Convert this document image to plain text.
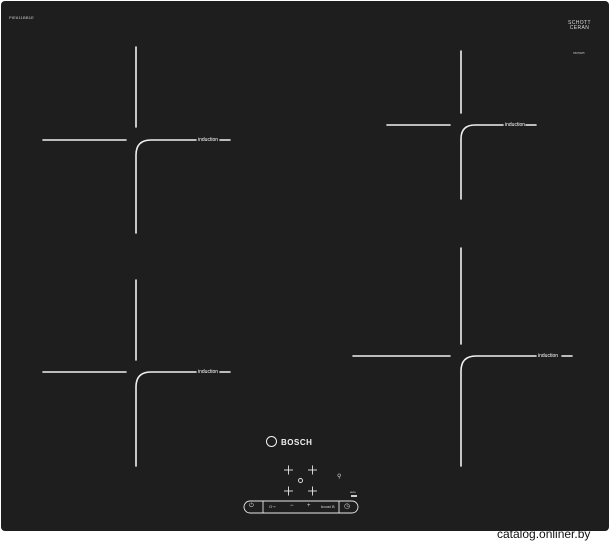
PIE611BB1E
SCHOTT
CERAN
6805985
induction
induction
induction
induction
BOSCH
⚲
auto
⏻	O⊸ − +	boost B ◷
catalog.onliner.by
